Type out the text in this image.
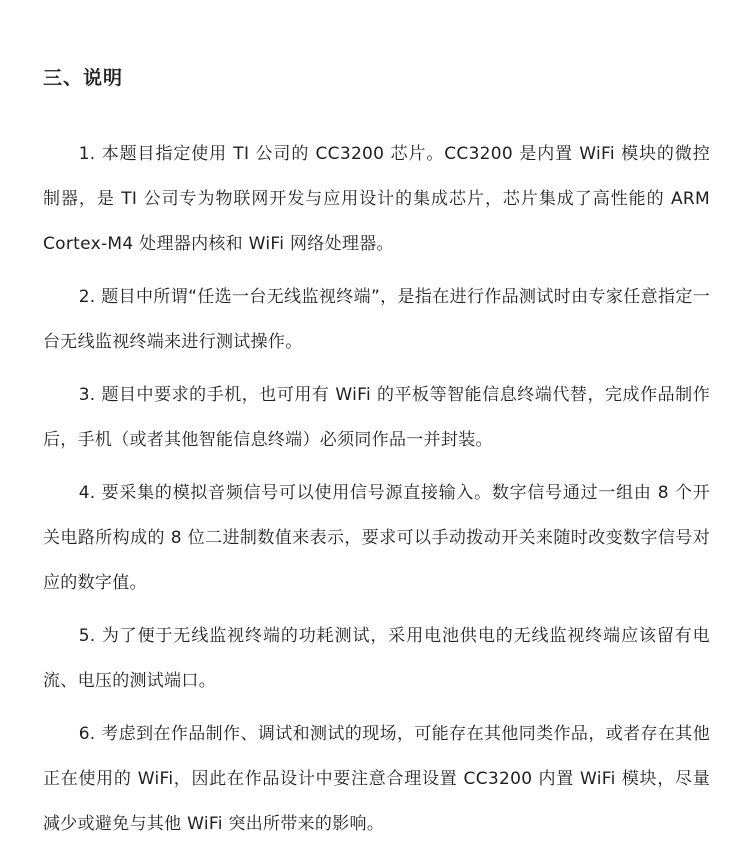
三、说明

1. 本题目指定使用 TI 公司的 CC3200 芯片。CC3200 是内置 WiFi 模块的微控制器，是 TI 公司专为物联网开发与应用设计的集成芯片，芯片集成了高性能的 ARM Cortex-M4 处理器内核和 WiFi 网络处理器。

2. 题目中所谓“任选一台无线监视终端”，是指在进行作品测试时由专家任意指定一台无线监视终端来进行测试操作。

3. 题目中要求的手机，也可用有 WiFi 的平板等智能信息终端代替，完成作品制作后，手机（或者其他智能信息终端）必须同作品一并封装。

4. 要采集的模拟音频信号可以使用信号源直接输入。数字信号通过一组由 8 个开关电路所构成的 8 位二进制数值来表示，要求可以手动拨动开关来随时改变数字信号对应的数字值。

5. 为了便于无线监视终端的功耗测试，采用电池供电的无线监视终端应该留有电流、电压的测试端口。

6. 考虑到在作品制作、调试和测试的现场，可能存在其他同类作品，或者存在其他正在使用的 WiFi，因此在作品设计中要注意合理设置 CC3200 内置 WiFi 模块，尽量减少或避免与其他 WiFi 突出所带来的影响。
